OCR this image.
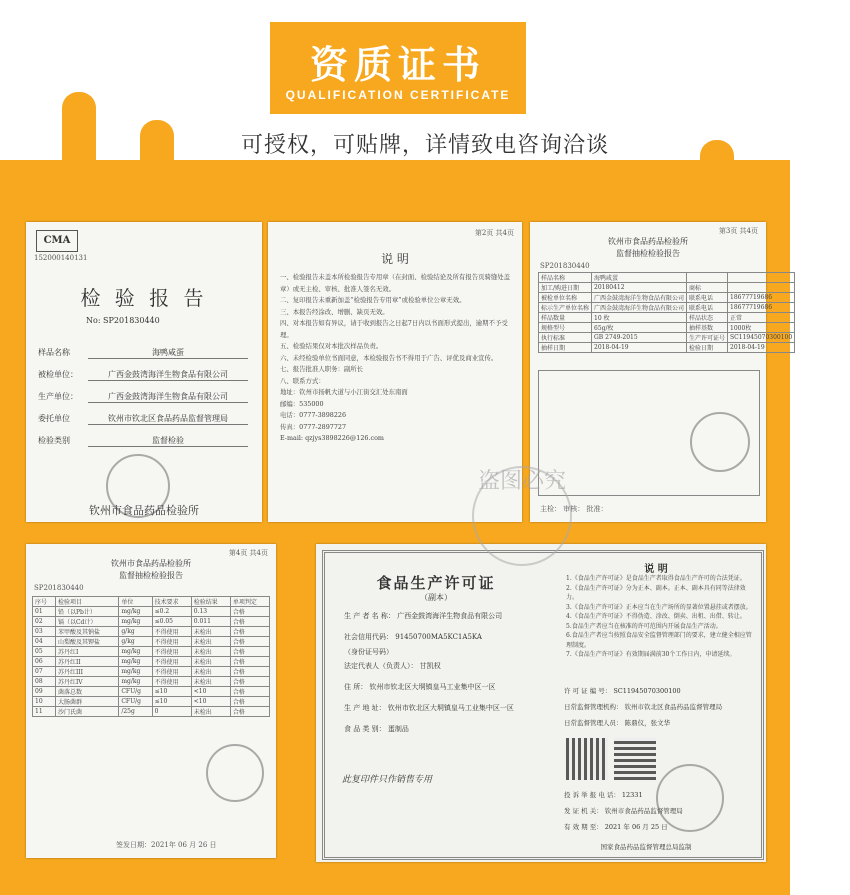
资质证书
QUALIFICATION CERTIFICATE
可授权，可贴牌，详情致电咨询洽谈
CMA
152000140131
检 验 报 告
No: SP201830440
样品名称	海鸭咸蛋
被检单位：	广西金鼓湾海洋生物食品有限公司
生产单位：	广西金鼓湾海洋生物食品有限公司
委托单位	钦州市钦北区食品药品监督管理局
检验类别	监督检验
钦州市食品药品检验所
第2页 共4页
说 明
一、检验报告未盖本所检验报告专用章（在封面、检验结论及所有报告页骑缝处盖章）或无主检、审核、批准人签名无效。
二、复印报告未重新加盖“检验报告专用章”或检验单位公章无效。
三、本报告经涂改、增删、缺页无效。
四、对本报告如有异议，请于收到报告之日起7日内以书面形式提出，逾期不予受理。
五、检验结果仅对本批次样品负责。
六、未经检验单位书面同意，本检验报告书不得用于广告、评优及商业宣传。
七、报告批准人职务：副所长
八、联系方式：
地址：钦州市扬帆大道与小江街交汇处东南面
邮编：535000
电话：0777-3898226
传真：0777-2897727
E-mail: qzjys3898226@126.com
第3页 共4页
钦州市食品药品检验所
监督抽检检验报告
SP201830440
样品名称	海鸭咸蛋		
加工/购进日期	20180412	商标	
被检单位名称	广西金鼓湾海洋生物食品有限公司	联系电话	18677719686
标示生产单位名称	广西金鼓湾海洋生物食品有限公司	联系电话	18677719686
样品数量	10 枚	样品状态	正常
规格型号	65g/枚	抽样基数	1000枚
执行标准	GB 2749-2015	生产许可证号	SC11945070300100
抽样日期	2018-04-19	检验日期	2018-04-19
主检： 审核： 批准：
第4页 共4页
钦州市食品药品检验所
监督抽检检验报告
SP201830440
序号	检验项目	单位	技术要求	检验结果	单项判定
01	铅（以Pb计）	mg/kg	≤0.2	0.13	合格
02	镉（以Cd计）	mg/kg	≤0.05	0.011	合格
03	苯甲酸及其钠盐	g/kg	不得使用	未检出	合格
04	山梨酸及其钾盐	g/kg	不得使用	未检出	合格
05	苏丹红I	mg/kg	不得使用	未检出	合格
06	苏丹红II	mg/kg	不得使用	未检出	合格
07	苏丹红III	mg/kg	不得使用	未检出	合格
08	苏丹红IV	mg/kg	不得使用	未检出	合格
09	菌落总数	CFU/g	≤10	<10	合格
10	大肠菌群	CFU/g	≤10	<10	合格
11	沙门氏菌	/25g	0	未检出	合格
签发日期：2021年 06 月 26 日
食品生产许可证
（副本）
生 产 者 名 称： 广西金鼓湾海洋生物食品有限公司
社会信用代码： 91450700MA5KC1A5KA
（身份证号码）
法定代表人（负责人）： 甘凯权
住 所： 钦州市钦北区大垌镇皇马工业集中区一区
生 产 地 址： 钦州市钦北区大垌镇皇马工业集中区一区
食 品 类 别： 蛋制品
此复印件只作销售专用
说 明
1.《食品生产许可证》是食品生产者取得食品生产许可的合法凭证。
2.《食品生产许可证》分为正本、副本。正本、副本具有同等法律效力。
3.《食品生产许可证》正本应当在生产场所的显著位置悬挂或者摆放。
4.《食品生产许可证》不得伪造、涂改、倒卖、出租、出借、转让。
5.食品生产者应当在核准的许可范围内开展食品生产活动。
6.食品生产者应当按照食品安全监督管理部门的要求，建立健全相应管理制度。
7.《食品生产许可证》有效期届满前30个工作日内，申请延续。
许 可 证 编 号： SC11945070300100
日常监督管理机构： 钦州市钦北区食品药品监督管理局
日常监督管理人员： 陈鼎仪，张文华
投 诉 举 报 电 话： 12331
发 证 机 关： 钦州市食品药品监督管理局
有 效 期 至： 2021 年 06 月 25 日
国家食品药品监督管理总局监制
盗图必究
